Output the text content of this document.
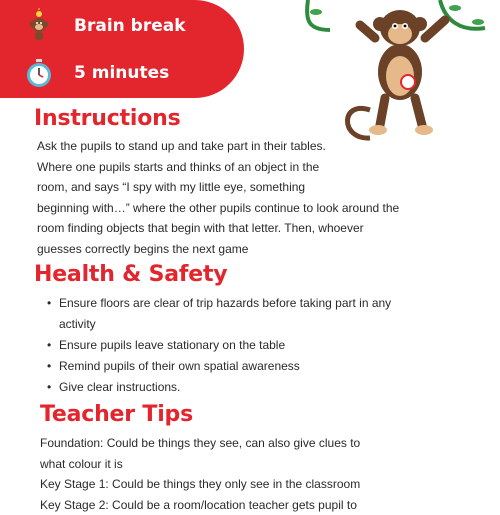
Brain break
5 minutes
Instructions
Ask the pupils to stand up and take part in their tables.
Where one pupils starts and thinks of an object in the
room, and says “I spy with my little eye, something
beginning with…” where the other pupils continue to look around the
room finding objects that begin with that letter. Then, whoever
guesses correctly begins the next game
Health & Safety
• Ensure floors are clear of trip hazards before taking part in any
activity
• Ensure pupils leave stationary on the table
• Remind pupils of their own spatial awareness
• Give clear instructions.
Teacher Tips
Foundation: Could be things they see, can also give clues to
what colour it is
Key Stage 1: Could be things they only see in the classroom
Key Stage 2: Could be a room/location teacher gets pupil to
